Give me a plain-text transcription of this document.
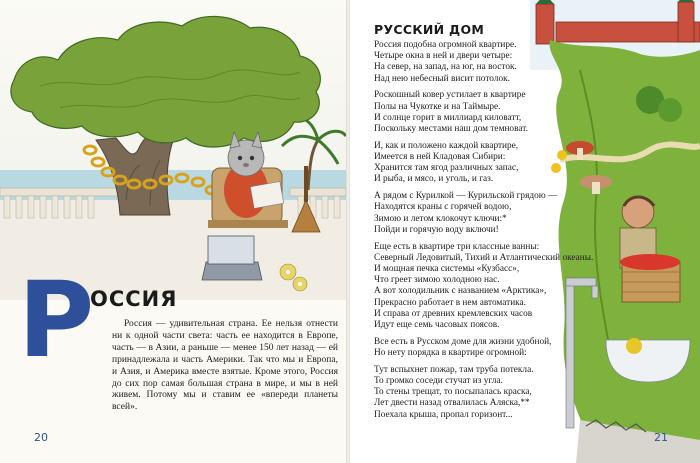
Р
ОССИЯ

Россия — удивительная страна. Ее нельзя отнести ни к одной части света: часть ее находится в Европе, часть — в Азии, а раньше — менее 150 лет назад — ей принадлежала и часть Америки. Так что мы и Европа, и Азия, и Америка вместе взятые. Кроме этого, Россия до сих пор самая большая страна в мире, и мы в ней живем. Потому мы и ставим ее «впереди планеты всей».

20
РУССКИЙ ДОМ
Россия подобна огромной квартире.
Четыре окна в ней и двери четыре:
На север, на запад, на юг, на восток.
Над нею небесный висит потолок.
Роскошный ковер устилает в квартире
Полы на Чукотке и на Таймыре.
И солнце горит в миллиард киловатт,
Поскольку местами наш дом темноват.
И, как и положено каждой квартире,
Имеется в ней Кладовая Сибири:
Хранится там ягод различных запас,
И рыба, и мясо, и уголь, и газ.
А рядом с Курилкой — Курильской грядою —
Находятся краны с горячей водою,
Зимою и летом клокочут ключи:*
Пойди и горячую воду включи!
Еще есть в квартире три классные ванны:
Северный Ледовитый, Тихий и Атлантический океаны.
И мощная печка системы «Кузбасс»,
Что греет зимою холодною нас.
А вот холодильник с названием «Арктика»,
Прекрасно работает в нем автоматика.
И справа от древних кремлевских часов
Идут еще семь часовых поясов.
Все есть в Русском доме для жизни удобной,
Но нету порядка в квартире огромной:
Тут вспыхнет пожар, там труба потекла.
То громко соседи стучат из угла.
То стены трещат, то посыпалась краска,
Лет двести назад отвалилась Аляска,**
Поехала крыша, пропал горизонт...
21
